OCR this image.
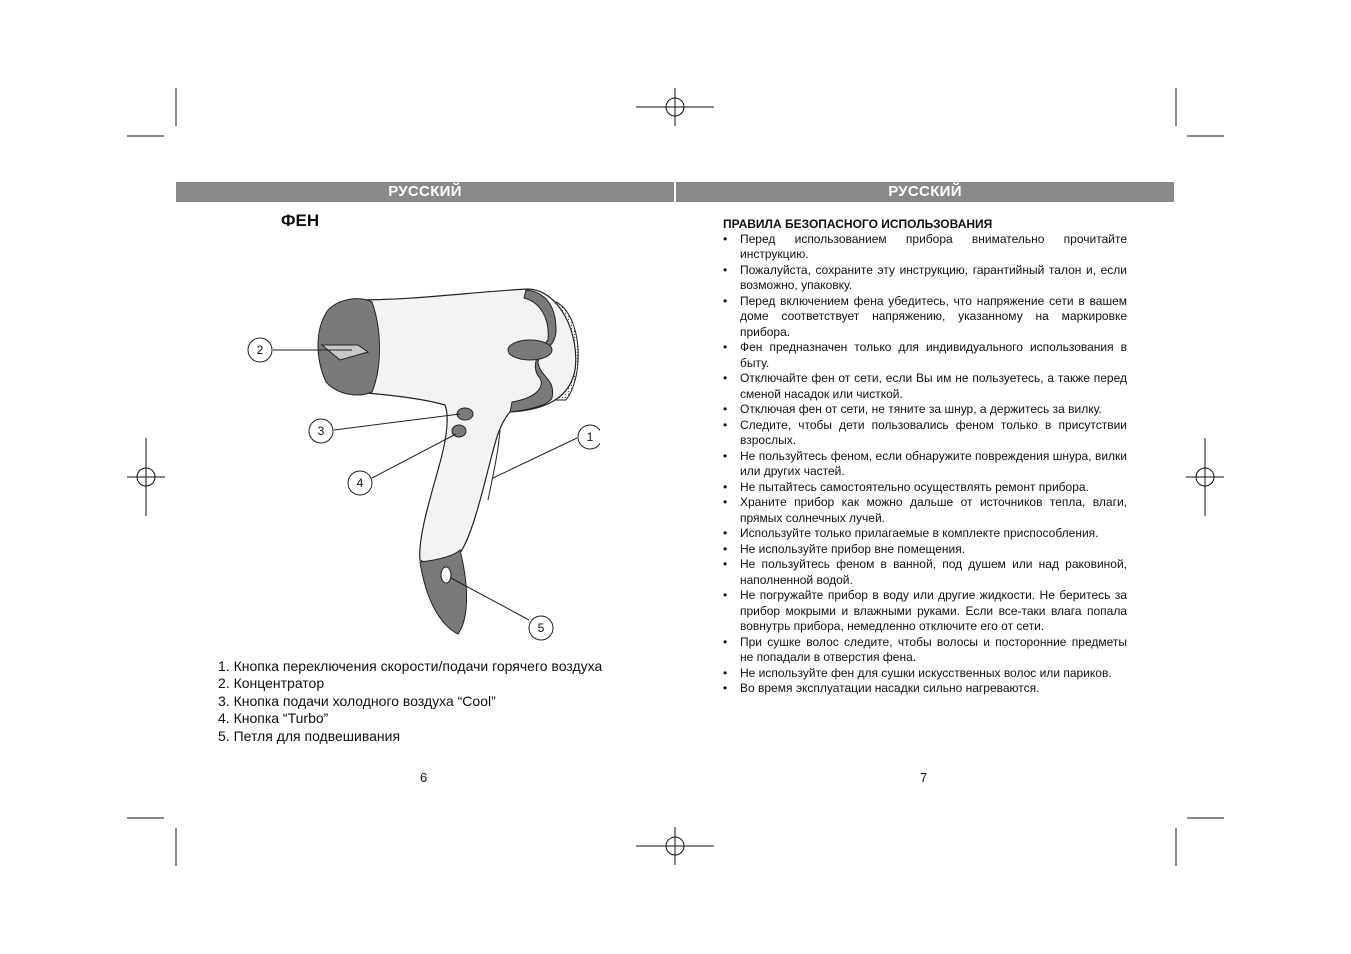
РУССКИЙ	РУССКИЙ
ФЕН
2
3
4
1
5
1. Кнопка переключения скорости/подачи горячего воздуха
2. Концентратор
3. Кнопка подачи холодного воздуха “Cool”
4. Кнопка “Turbo”
5. Петля для подвешивания
6
ПРАВИЛА БЕЗОПАСНОГО ИСПОЛЬЗОВАНИЯ
• Перед использованием прибора внимательно прочитайте инструкцию.
• Пожалуйста, сохраните эту инструкцию, гарантийный талон и, если возможно, упаковку.
• Перед включением фена убедитесь, что напряжение сети в вашем доме соответствует напряжению, указанному на маркировке прибора.
• Фен предназначен только для индивидуального использования в быту.
• Отключайте фен от сети, если Вы им не пользуетесь, а также перед сменой насадок или чисткой.
• Отключая фен от сети, не тяните за шнур, а держитесь за вилку.
• Следите, чтобы дети пользовались феном только в присутствии взрослых.
• Не пользуйтесь феном, если обнаружите повреждения шнура, вилки или других частей.
• Не пытайтесь самостоятельно осуществлять ремонт прибора.
• Храните прибор как можно дальше от источников тепла, влаги, прямых солнечных лучей.
• Используйте только прилагаемые в комплекте приспособления.
• Не используйте прибор вне помещения.
• Не пользуйтесь феном в ванной, под душем или над раковиной, наполненной водой.
• Не погружайте прибор в воду или другие жидкости. Не беритесь за прибор мокрыми и влажными руками. Если все-таки влага попала вовнутрь прибора, немедленно отключите его от сети.
• При сушке волос следите, чтобы волосы и посторонние предметы не попадали в отверстия фена.
• Не используйте фен для сушки искусственных волос или париков.
• Во время эксплуатации насадки сильно нагреваются.
7
